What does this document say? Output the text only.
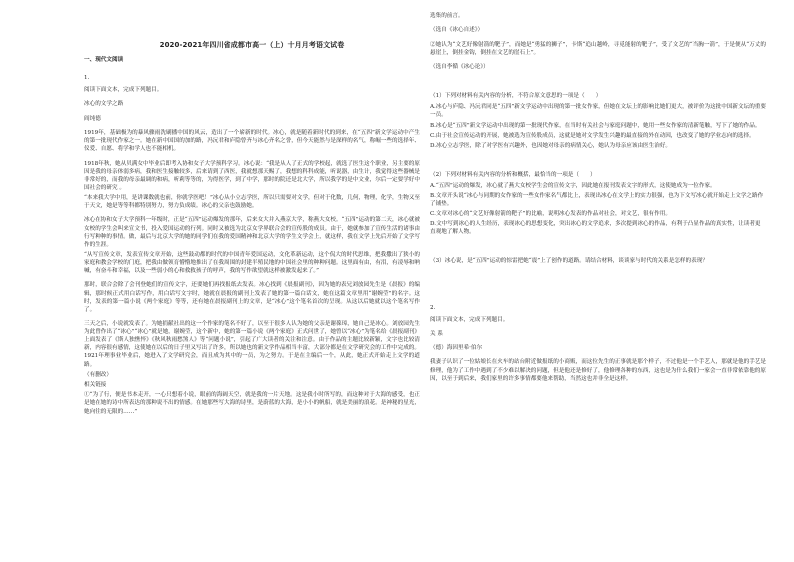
2020-2021年四川省成都市高一（上）十月月考语文试卷
一、现代文阅读
1.
阅读下面文本，完成下列题目。
冰心的文学之路
阎纯德
1919年，基础极为的暴风骤雨洗刷播中国的风云，造出了一个崭新的时代。冰心，就是随着新时代的到来，在“五四”新文学运动中产生的第一批现代作家之一。她在新中国国的加的路，冯沅君和庐隐曾齐与冰心齐名之誉，但今天能然与是深样的名气，称崛一些的选择年、仪爱、自愿、将学和学人也不能相机。
1918年秋，她从贝满女中毕业后即考入协和女子大学预科学习。冰心说：“我是从人了正式的学校起，就选了医生这个职业，另主要的原因是我的母亲体弱多病，我和医生接触较多，后来请到了西医，我就想那天赐了，我想的科科成能，听说器，由生计，我觉得这些器械是非常好的，而我的母亲最调的和病，听莉等等的，为得医学，到了中学，那时的院还是北大学，所以我学的是中文业，尔后一定要学好中国社会的研究 。
“本来我大学中用，是讲课数就也前，你就学医吧！”冰心从小立志学医，所以只需要对文学，但对于化数，几何，物理，化学，生物又至于天文，她是等等科都特别努力，努力负成绩。冰心的父亲也鼓励她。
冰心在协和女子大学预科一年级时，正是“五四”运动爆发的那年，后来女大并入燕京大学，称燕大女校。“五四”运动的第二天，冰心就被女校的学生会叫来宣文书，投入爱国运动的行列。同时又被选为北京女学界联合会的宣传股的成员。由于，她就参加了宣传生活的诸事由行写种种的事情。做，最后与北京大学的她的同学们在我的爱国精神和北京大学的学生文学会上，就这样，我在文学上先后开始了文学写作的生涯。
“从写宣传文章，发表宣传文章开始，这些鼓动都的时代的中国青年爱国运动，文化革新运动，这个侃大的时代思维，把我撒出了狭小的家庭和教会学校的门庭，把我由做领育懵懵地推出了在我周围的封建半殖民地的中国社会里的种种问题。这里面有由，有泪，有凌辱和呐喊，有奋斗和幸福，以及一些弱小的心和救救孩子的呼声，我的写作欲望就这样被激发起来了。”
那时，联合会除了会刊登她们的宣传文字，还要她们再找报纸去发表。冰心找到《晨报副刊》，因为她的表兄刘放园先生是《晨报》的编辑，那时候正式用白话写作，用白话写文字时，她就在晨报的副刊上发表了她的第一篇白话文，她在这篇文章里用“谢婉莹”的名字。这时，发表的第一篇小说《两个家庭》等等，还有她在晨报副刊上的文章，是“冰心”这个笔名首次的呈现。从这以后她就以这个笔名写作了。
三天之后，小说就发表了。为她捐献社出的这一个作家的笔名不好了，以至于很多人认为她的父亲是谢葆璋，她自己是冰心。刘放园先生为此曾作出了“冰心”“冰心”就是她，谢婉莹，这个新中，她的第一篇小说《两个家庭》正式问世了，她曾以“冰心”为笔名给《晨报副刊》上面发表了《斯人独憔悴》《秋风秋雨愁煞人》等“问题小说”，引起了广大读者的关注和注意。由于作品的主题比较新颖，文字也比较清新，内容很有感情，这使她在以后的日子里又写出了许多，所以她也的新文学作品相当丰富，大部分都是在文学研究会的工作中完成的。1921年理事业毕业后，她进入了文学研究会，而且成为其中的一员，为之努力。于是在主编后一个，从此，她正式开始走上文学的道路。
（有删改）
相关链接
①“为了行，便是书本走开，一心只想着小说，眼前的海阔天空，就是我的一片天地。这是我小时所写的，而这种对于大海的感受，也正是她在她的诗中所表达的那种说不出的情感。在她那些写大海的诗里，是蔚蓝的大海，是小小的帆船，就是美丽的浪花。是神秘的星光，她向往的无限的……”
选集的前言。
（选自《冰心自述》）
②她认为“文艺好像射箭的靶子”，而她是“勇猛的狮子”，卡斯“追山越岭，寻觅能射的靶子”，受了文艺的“当胸一箭”，于是便从“万丈的悬崖上，倒挂金钩，倒挂在文艺的崖石上”。
（选自李循《冰心论》）
（1）下列对材料有关内容的分析，不符合原文意思的一项是（　　）
A.冰心与庐隐、冯沅君同是“五四”新文学运动中出现的第一批女作家，但她在文坛上的影响比她们更大，被评价为这批中国新文坛的重要一员。
B.冰心是“五四”新文学运动中出现的第一批现代作家，在当时有关社会与家庭问题中，她用一些女作家的清新笔触，写下了她的作品。
C.由于社会宣传运动的开展，她被选为宣传股成员，这就是她对文学发生兴趣的最直接的外在动因，也改变了她的学业志向的选择。
D.冰心立志学医，除了对学医有兴趣外，也因她对母亲的病情关心，她认为母亲应该由医生治好。
（2）下列对材料有关内容的分析和概括，最恰当的一项是（　　）
A.“五四”运动的爆发，冰心就了燕大女校学生会的宣传文字，因此她在报刊发表文字的形式，这使她成为一位作家。
B.文章开头说“冰心与同期的女作家的一些女作家名气都比上，表现出冰心在文学上的实力很强，也为下文写冰心就开始走上文学之路作了铺垫。
C.文章对冰心的“文艺好像射箭的靶子”的比喻，说明冰心发表的作品对社会，对文艺，很有作用。
D.文中写到冰心的人生经历，表现冰心的思想变化，突出冰心的文学追求，多次提到冰心的作品，有利于凸显作品的真实性，让读者更直观地了解人物。
（3）冰心说，是“五四”运动的惊雷把她“震”上了创作的道路。请结合材料，谈谈家与时代的关系是怎样的表现？
2.
阅读下面文本，完成下列题目。
关 系
（德）海因里希·伯尔
我妻子认识了一位姑娘长在火车的站台附近做报纸的小商贩，而这位先生的正事就是那个样子，不过他是一个手艺人，那就是他的手艺是修理，他为了工作中遇到了不少难以解决的问题，但是他还是修好了，他修理各种的东西，这也是为什么我们一家会一直非常依靠他的原因，以至于到后来，我们家里的许多事情都要他来帮助，当然这也并非全是这样。
